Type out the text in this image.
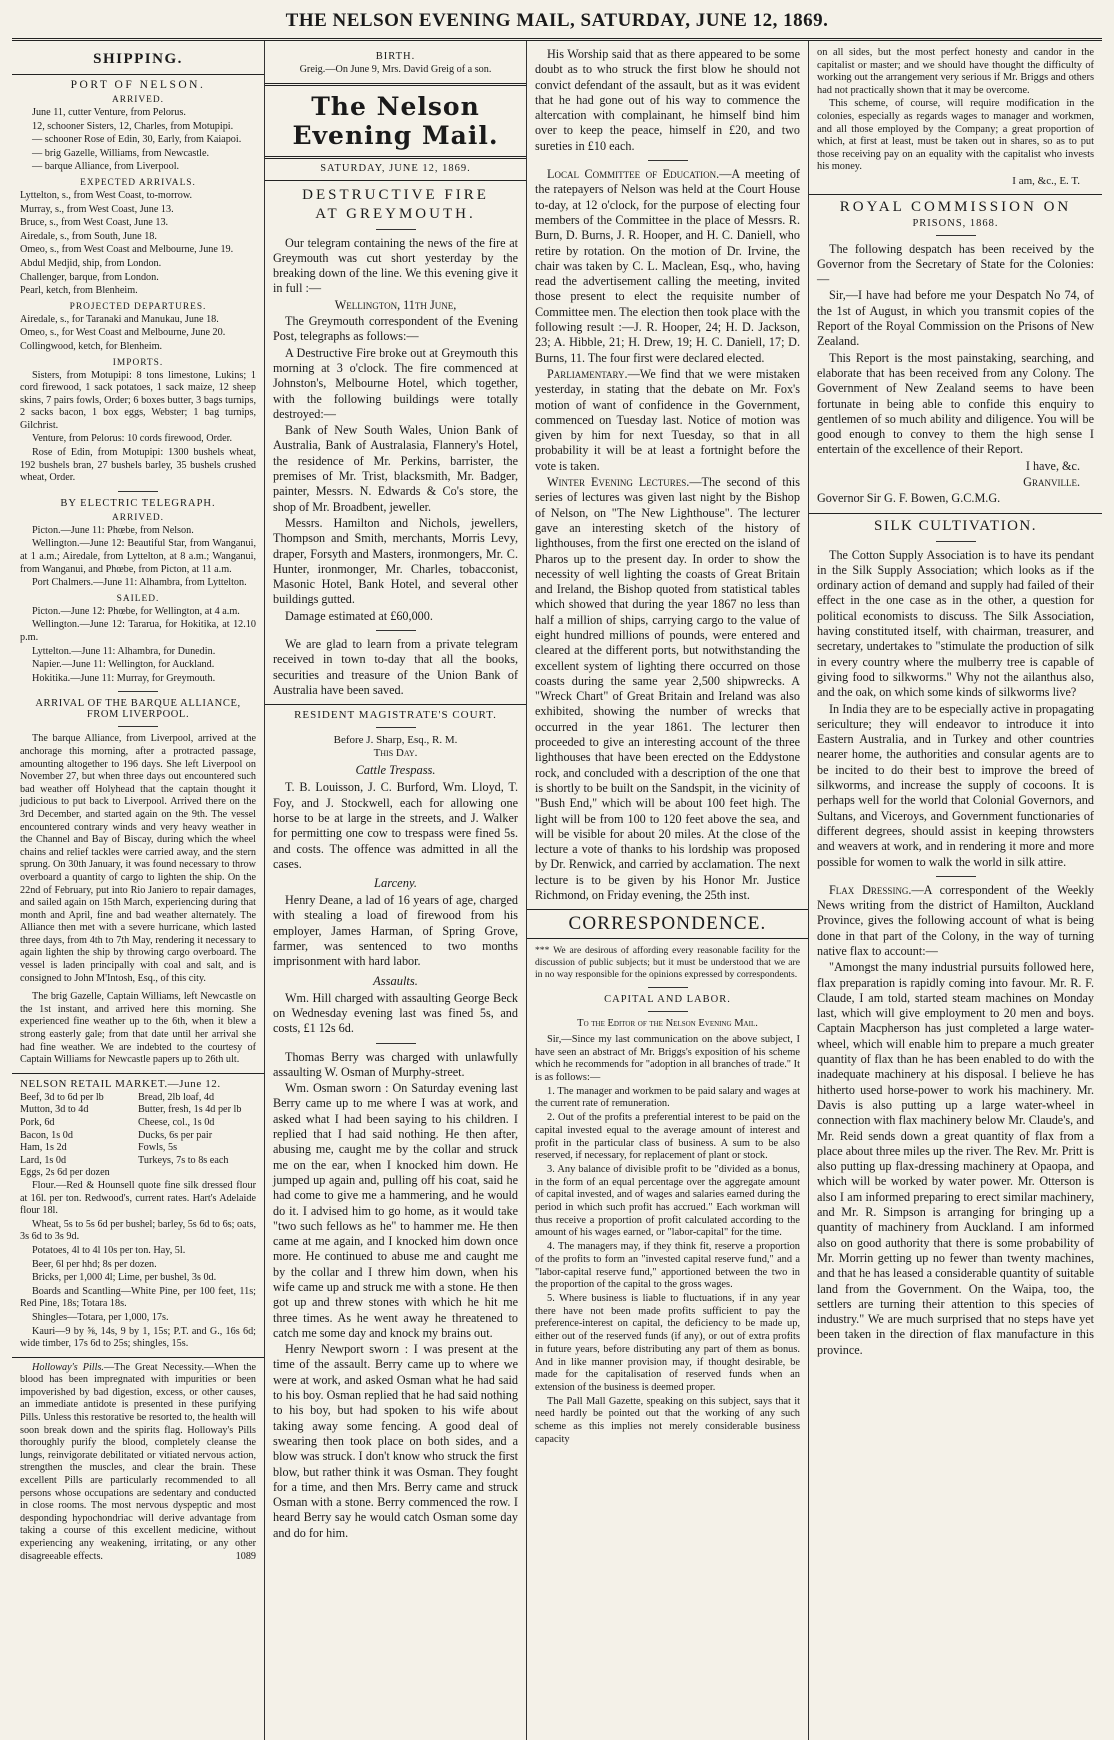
THE NELSON EVENING MAIL, SATURDAY, JUNE 12, 1869.
SHIPPING.
PORT OF NELSON.
ARRIVED.

June 11, cutter Venture, from Pelorus.

12, schooner Sisters, 12, Charles, from Motupipi.

— schooner Rose of Edin, 30, Early, from Kaiapoi.

— brig Gazelle, Williams, from Newcastle.

— barque Alliance, from Liverpool.

EXPECTED ARRIVALS.

Lyttelton, s., from West Coast, to-morrow.

Murray, s., from West Coast, June 13.

Bruce, s., from West Coast, June 13.

Airedale, s., from South, June 18.

Omeo, s., from West Coast and Melbourne, June 19.

Abdul Medjid, ship, from London.

Challenger, barque, from London.

Pearl, ketch, from Blenheim.

PROJECTED DEPARTURES.

Airedale, s., for Taranaki and Manukau, June 18.

Omeo, s., for West Coast and Melbourne, June 20.

Collingwood, ketch, for Blenheim.

IMPORTS.

Sisters, from Motupipi: 8 tons limestone, Lukins; 1 cord firewood, 1 sack potatoes, 1 sack maize, 12 sheep skins, 7 pairs fowls, Order; 6 boxes butter, 3 bags turnips, 2 sacks bacon, 1 box eggs, Webster; 1 bag turnips, Gilchrist.

Venture, from Pelorus: 10 cords firewood, Order.

Rose of Edin, from Motupipi: 1300 bushels wheat, 192 bushels bran, 27 bushels barley, 35 bushels crushed wheat, Order.

BY ELECTRIC TELEGRAPH.
ARRIVED.

Picton.—June 11: Phœbe, from Nelson.

Wellington.—June 12: Beautiful Star, from Wanganui, at 1 a.m.; Airedale, from Lyttelton, at 8 a.m.; Wanganui, from Wanganui, and Phœbe, from Picton, at 11 a.m.

Port Chalmers.—June 11: Alhambra, from Lyttelton.

SAILED.

Picton.—June 12: Phœbe, for Wellington, at 4 a.m.

Wellington.—June 12: Tararua, for Hokitika, at 12.10 p.m.

Lyttelton.—June 11: Alhambra, for Dunedin.

Napier.—June 11: Wellington, for Auckland.

Hokitika.—June 11: Murray, for Greymouth.

ARRIVAL OF THE BARQUE ALLIANCE, FROM LIVERPOOL.

The barque Alliance, from Liverpool, arrived at the anchorage this morning, after a protracted passage, amounting altogether to 196 days. She left Liverpool on November 27, but when three days out encountered such bad weather off Holyhead that the captain thought it judicious to put back to Liverpool. Arrived there on the 3rd December, and started again on the 9th. The vessel encountered contrary winds and very heavy weather in the Channel and Bay of Biscay, during which the wheel chains and relief tackles were carried away, and the stern sprung. On 30th January, it was found necessary to throw overboard a quantity of cargo to lighten the ship. On the 22nd of February, put into Rio Janiero to repair damages, and sailed again on 15th March, experiencing during that month and April, fine and bad weather alternately. The Alliance then met with a severe hurricane, which lasted three days, from 4th to 7th May, rendering it necessary to again lighten the ship by throwing cargo overboard. The vessel is laden principally with coal and salt, and is consigned to John M'Intosh, Esq., of this city.

The brig Gazelle, Captain Williams, left Newcastle on the 1st instant, and arrived here this morning. She experienced fine weather up to the 6th, when it blew a strong easterly gale; from that date until her arrival she had fine weather. We are indebted to the courtesy of Captain Williams for Newcastle papers up to 26th ult.

NELSON RETAIL MARKET.—June 12.
Beef, 3d to 6d per lb	Bread, 2lb loaf, 4d
Mutton, 3d to 4d	Butter, fresh, 1s 4d per lb
Pork, 6d	Cheese, col., 1s 0d
Bacon, 1s 0d	Ducks, 6s per pair
Ham, 1s 2d	Fowls, 5s
Lard, 1s 0d	Turkeys, 7s to 8s each
Eggs, 2s 6d per dozen

Flour.—Red & Hounsell quote fine silk dressed flour at 16l. per ton. Redwood's, current rates. Hart's Adelaide flour 18l.

Wheat, 5s to 5s 6d per bushel; barley, 5s 6d to 6s; oats, 3s 6d to 3s 9d.

Potatoes, 4l to 4l 10s per ton. Hay, 5l.

Beer, 6l per hhd; 8s per dozen.

Bricks, per 1,000 4l; Lime, per bushel, 3s 0d.

Boards and Scantling—White Pine, per 100 feet, 11s; Red Pine, 18s; Totara 18s.

Shingles—Totara, per 1,000, 17s.

Kauri—9 by ⅝, 14s, 9 by 1, 15s; P.T. and G., 16s 6d; wide timber, 17s 6d to 25s; shingles, 15s.

Holloway's Pills.—The Great Necessity.—When the blood has been impregnated with impurities or been impoverished by bad digestion, excess, or other causes, an immediate antidote is presented in these purifying Pills. Unless this restorative be resorted to, the health will soon break down and the spirits flag. Holloway's Pills thoroughly purify the blood, completely cleanse the lungs, reinvigorate debilitated or vitiated nervous action, strengthen the muscles, and clear the brain. These excellent Pills are particularly recommended to all persons whose occupations are sedentary and conducted in close rooms. The most nervous dyspeptic and most desponding hypochondriac will derive advantage from taking a course of this excellent medicine, without experiencing any weakening, irritating, or any other disagreeable effects.	1089

BIRTH.
Greig.—On June 9, Mrs. David Greig of a son.
The Nelson Evening Mail.
SATURDAY, JUNE 12, 1869.
DESTRUCTIVE FIRE
AT GREYMOUTH.

Our telegram containing the news of the fire at Greymouth was cut short yesterday by the breaking down of the line. We this evening give it in full :—

Wellington, 11th June,

The Greymouth correspondent of the Evening Post, telegraphs as follows:—

A Destructive Fire broke out at Greymouth this morning at 3 o'clock. The fire commenced at Johnston's, Melbourne Hotel, which together, with the following buildings were totally destroyed:—

Bank of New South Wales, Union Bank of Australia, Bank of Australasia, Flannery's Hotel, the residence of Mr. Perkins, barrister, the premises of Mr. Trist, blacksmith, Mr. Badger, painter, Messrs. N. Edwards & Co's store, the shop of Mr. Broadbent, jeweller.

Messrs. Hamilton and Nichols, jewellers, Thompson and Smith, merchants, Morris Levy, draper, Forsyth and Masters, ironmongers, Mr. C. Hunter, ironmonger, Mr. Charles, tobacconist, Masonic Hotel, Bank Hotel, and several other buildings gutted.

Damage estimated at £60,000.

We are glad to learn from a private telegram received in town to-day that all the books, securities and treasure of the Union Bank of Australia have been saved.

RESIDENT MAGISTRATE'S COURT.
Before J. Sharp, Esq., R. M.
This Day.
Cattle Trespass.

T. B. Louisson, J. C. Burford, Wm. Lloyd, T. Foy, and J. Stockwell, each for allowing one horse to be at large in the streets, and J. Walker for permitting one cow to trespass were fined 5s. and costs. The offence was admitted in all the cases.

Larceny.

Henry Deane, a lad of 16 years of age, charged with stealing a load of firewood from his employer, James Harman, of Spring Grove, farmer, was sentenced to two months imprisonment with hard labor.

Assaults.

Wm. Hill charged with assaulting George Beck on Wednesday evening last was fined 5s, and costs, £1 12s 6d.

Thomas Berry was charged with unlawfully assaulting W. Osman of Murphy-street.

Wm. Osman sworn : On Saturday evening last Berry came up to me where I was at work, and asked what I had been saying to his children. I replied that I had said nothing. He then after, abusing me, caught me by the collar and struck me on the ear, when I knocked him down. He jumped up again and, pulling off his coat, said he had come to give me a hammering, and he would do it. I advised him to go home, as it would take "two such fellows as he" to hammer me. He then came at me again, and I knocked him down once more. He continued to abuse me and caught me by the collar and I threw him down, when his wife came up and struck me with a stone. He then got up and threw stones with which he hit me three times. As he went away he threatened to catch me some day and knock my brains out.

Henry Newport sworn : I was present at the time of the assault. Berry came up to where we were at work, and asked Osman what he had said to his boy. Osman replied that he had said nothing to his boy, but had spoken to his wife about taking away some fencing. A good deal of swearing then took place on both sides, and a blow was struck. I don't know who struck the first blow, but rather think it was Osman. They fought for a time, and then Mrs. Berry came and struck Osman with a stone. Berry commenced the row. I heard Berry say he would catch Osman some day and do for him.

His Worship said that as there appeared to be some doubt as to who struck the first blow he should not convict defendant of the assault, but as it was evident that he had gone out of his way to commence the altercation with complainant, he himself bind him over to keep the peace, himself in £20, and two sureties in £10 each.

Local Committee of Education.—A meeting of the ratepayers of Nelson was held at the Court House to-day, at 12 o'clock, for the purpose of electing four members of the Committee in the place of Messrs. R. Burn, D. Burns, J. R. Hooper, and H. C. Daniell, who retire by rotation. On the motion of Dr. Irvine, the chair was taken by C. L. Maclean, Esq., who, having read the advertisement calling the meeting, invited those present to elect the requisite number of Committee men. The election then took place with the following result :—J. R. Hooper, 24; H. D. Jackson, 23; A. Hibble, 21; H. Drew, 19; H. C. Daniell, 17; D. Burns, 11. The four first were declared elected.

Parliamentary.—We find that we were mistaken yesterday, in stating that the debate on Mr. Fox's motion of want of confidence in the Government, commenced on Tuesday last. Notice of motion was given by him for next Tuesday, so that in all probability it will be at least a fortnight before the vote is taken.

Winter Evening Lectures.—The second of this series of lectures was given last night by the Bishop of Nelson, on "The New Lighthouse". The lecturer gave an interesting sketch of the history of lighthouses, from the first one erected on the island of Pharos up to the present day. In order to show the necessity of well lighting the coasts of Great Britain and Ireland, the Bishop quoted from statistical tables which showed that during the year 1867 no less than half a million of ships, carrying cargo to the value of eight hundred millions of pounds, were entered and cleared at the different ports, but notwithstanding the excellent system of lighting there occurred on those coasts during the same year 2,500 shipwrecks. A "Wreck Chart" of Great Britain and Ireland was also exhibited, showing the number of wrecks that occurred in the year 1861. The lecturer then proceeded to give an interesting account of the three lighthouses that have been erected on the Eddystone rock, and concluded with a description of the one that is shortly to be built on the Sandspit, in the vicinity of "Bush End," which will be about 100 feet high. The light will be from 100 to 120 feet above the sea, and will be visible for about 20 miles. At the close of the lecture a vote of thanks to his lordship was proposed by Dr. Renwick, and carried by acclamation. The next lecture is to be given by his Honor Mr. Justice Richmond, on Friday evening, the 25th inst.

CORRESPONDENCE.
*** We are desirous of affording every reasonable facility for the discussion of public subjects; but it must be understood that we are in no way responsible for the opinions expressed by correspondents.
CAPITAL AND LABOR.
To the Editor of the Nelson Evening Mail.

Sir,—Since my last communication on the above subject, I have seen an abstract of Mr. Briggs's exposition of his scheme which he recommends for "adoption in all branches of trade." It is as follows:—

1. The manager and workmen to be paid salary and wages at the current rate of remuneration.

2. Out of the profits a preferential interest to be paid on the capital invested equal to the average amount of interest and profit in the particular class of business. A sum to be also reserved, if necessary, for replacement of plant or stock.

3. Any balance of divisible profit to be "divided as a bonus, in the form of an equal percentage over the aggregate amount of capital invested, and of wages and salaries earned during the period in which such profit has accrued." Each workman will thus receive a proportion of profit calculated according to the amount of his wages earned, or "labor-capital" for the time.

4. The managers may, if they think fit, reserve a proportion of the profits to form an "invested capital reserve fund," and a "labor-capital reserve fund," apportioned between the two in the proportion of the capital to the gross wages.

5. Where business is liable to fluctuations, if in any year there have not been made profits sufficient to pay the preference-interest on capital, the deficiency to be made up, either out of the reserved funds (if any), or out of extra profits in future years, before distributing any part of them as bonus. And in like manner provision may, if thought desirable, be made for the capitalisation of reserved funds when an extension of the business is deemed proper.

The Pall Mall Gazette, speaking on this subject, says that it need hardly be pointed out that the working of any such scheme as this implies not merely considerable business capacity

on all sides, but the most perfect honesty and candor in the capitalist or master; and we should have thought the difficulty of working out the arrangement very serious if Mr. Briggs and others had not practically shown that it may be overcome.

This scheme, of course, will require modification in the colonies, especially as regards wages to manager and workmen, and all those employed by the Company; a great proportion of which, at first at least, must be taken out in shares, so as to put those receiving pay on an equality with the capitalist who invests his money.

I am, &c., E. T.
ROYAL COMMISSION ON
PRISONS, 1868.

The following despatch has been received by the Governor from the Secretary of State for the Colonies:—

Sir,—I have had before me your Despatch No 74, of the 1st of August, in which you transmit copies of the Report of the Royal Commission on the Prisons of New Zealand.

This Report is the most painstaking, searching, and elaborate that has been received from any Colony. The Government of New Zealand seems to have been fortunate in being able to confide this enquiry to gentlemen of so much ability and diligence. You will be good enough to convey to them the high sense I entertain of the excellence of their Report.

I have, &c.

Granville.

Governor Sir G. F. Bowen, G.C.M.G.

SILK CULTIVATION.

The Cotton Supply Association is to have its pendant in the Silk Supply Association; which looks as if the ordinary action of demand and supply had failed of their effect in the one case as in the other, a question for political economists to discuss. The Silk Association, having constituted itself, with chairman, treasurer, and secretary, undertakes to "stimulate the production of silk in every country where the mulberry tree is capable of giving food to silkworms." Why not the ailanthus also, and the oak, on which some kinds of silkworms live?

In India they are to be especially active in propagating sericulture; they will endeavor to introduce it into Eastern Australia, and in Turkey and other countries nearer home, the authorities and consular agents are to be incited to do their best to improve the breed of silkworms, and increase the supply of cocoons. It is perhaps well for the world that Colonial Governors, and Sultans, and Viceroys, and Government functionaries of different degrees, should assist in keeping throwsters and weavers at work, and in rendering it more and more possible for women to walk the world in silk attire.

Flax Dressing.—A correspondent of the Weekly News writing from the district of Hamilton, Auckland Province, gives the following account of what is being done in that part of the Colony, in the way of turning native flax to account:—

"Amongst the many industrial pursuits followed here, flax preparation is rapidly coming into favour. Mr. R. F. Claude, I am told, started steam machines on Monday last, which will give employment to 20 men and boys. Captain Macpherson has just completed a large water-wheel, which will enable him to prepare a much greater quantity of flax than he has been enabled to do with the inadequate machinery at his disposal. I believe he has hitherto used horse-power to work his machinery. Mr. Davis is also putting up a large water-wheel in connection with flax machinery below Mr. Claude's, and Mr. Reid sends down a great quantity of flax from a place about three miles up the river. The Rev. Mr. Pritt is also putting up flax-dressing machinery at Opaopa, and which will be worked by water power. Mr. Otterson is also I am informed preparing to erect similar machinery, and Mr. R. Simpson is arranging for bringing up a quantity of machinery from Auckland. I am informed also on good authority that there is some probability of Mr. Morrin getting up no fewer than twenty machines, and that he has leased a considerable quantity of suitable land from the Government. On the Waipa, too, the settlers are turning their attention to this species of industry." We are much surprised that no steps have yet been taken in the direction of flax manufacture in this province.
